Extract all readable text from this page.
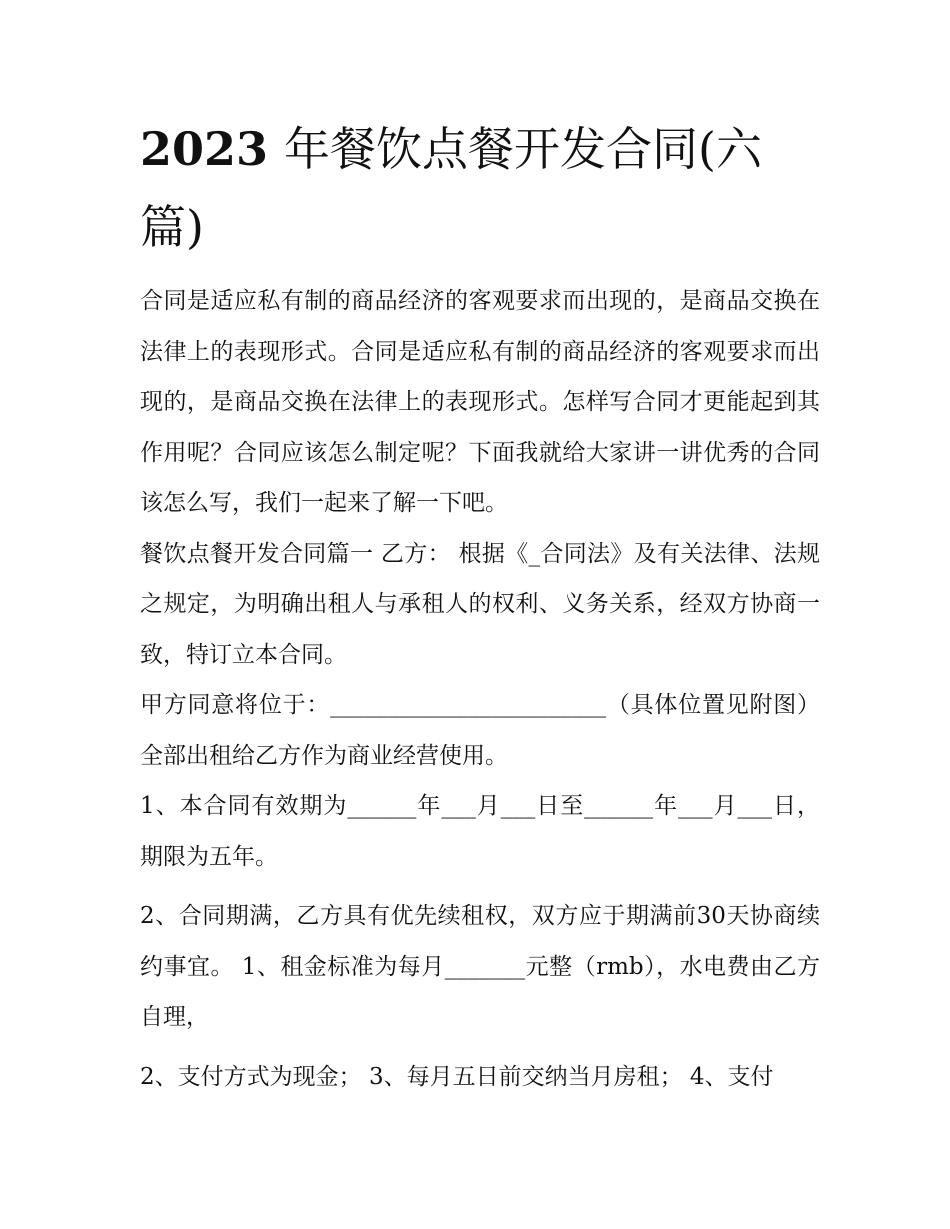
2023 年餐饮点餐开发合同(六篇)

合同是适应私有制的商品经济的客观要求而出现的，是商品交换在法律上的表现形式。合同是适应私有制的商品经济的客观要求而出现的，是商品交换在法律上的表现形式。怎样写合同才更能起到其作用呢？合同应该怎么制定呢？下面我就给大家讲一讲优秀的合同该怎么写，我们一起来了解一下吧。

餐饮点餐开发合同篇一 乙方： 根据《_合同法》及有关法律、法规之规定，为明确出租人与承租人的权利、义务关系，经双方协商一致，特订立本合同。

甲方同意将位于：________________________（具体位置见附图）全部出租给乙方作为商业经营使用。

1、本合同有效期为______年___月___日至______年___月___日，期限为五年。

2、合同期满，乙方具有优先续租权，双方应于期满前30天协商续约事宜。 1、租金标准为每月_______元整（rmb），水电费由乙方自理，

2、支付方式为现金； 3、每月五日前交纳当月房租； 4、支付
